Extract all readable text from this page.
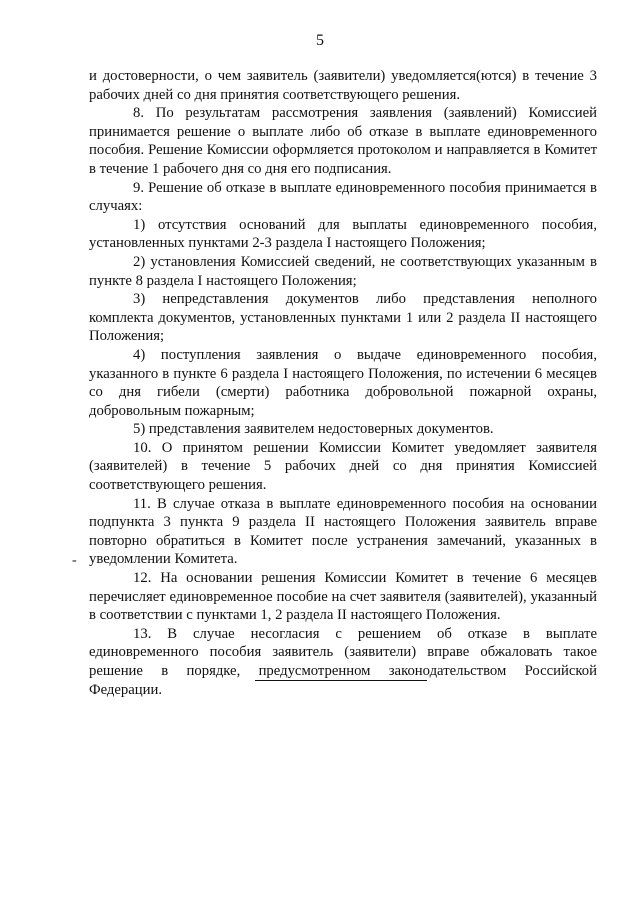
5
-

и достоверности, о чем заявитель (заявители) уведомляется(ются) в течение 3 рабочих дней со дня принятия соответствующего решения.

8. По результатам рассмотрения заявления (заявлений) Комиссией принимается решение о выплате либо об отказе в выплате единовременного пособия. Решение Комиссии оформляется протоколом и направляется в Комитет в течение 1 рабочего дня со дня его подписания.

9. Решение об отказе в выплате единовременного пособия принимается в случаях:

1) отсутствия оснований для выплаты единовременного пособия, установленных пунктами 2-3 раздела I настоящего Положения;

2) установления Комиссией сведений, не соответствующих указанным в пункте 8 раздела I настоящего Положения;

3) непредставления документов либо представления неполного комплекта документов, установленных пунктами 1 или 2 раздела II настоящего Положения;

4) поступления заявления о выдаче единовременного пособия, указанного в пункте 6 раздела I настоящего Положения, по истечении 6 месяцев со дня гибели (смерти) работника добровольной пожарной охраны, добровольным пожарным;

5) представления заявителем недостоверных документов.

10. О принятом решении Комиссии Комитет уведомляет заявителя (заявителей) в течение 5 рабочих дней со дня принятия Комиссией соответствующего решения.

11. В случае отказа в выплате единовременного пособия на основании подпункта 3 пункта 9 раздела II настоящего Положения заявитель вправе повторно обратиться в Комитет после устранения замечаний, указанных в уведомлении Комитета.

12. На основании решения Комиссии Комитет в течение 6 месяцев перечисляет единовременное пособие на счет заявителя (заявителей), указанный в соответствии с пунктами 1, 2 раздела II настоящего Положения.

13. В случае несогласия с решением об отказе в выплате единовременного пособия заявитель (заявители) вправе обжаловать такое решение в порядке, предусмотренном законодательством Российской Федерации.
